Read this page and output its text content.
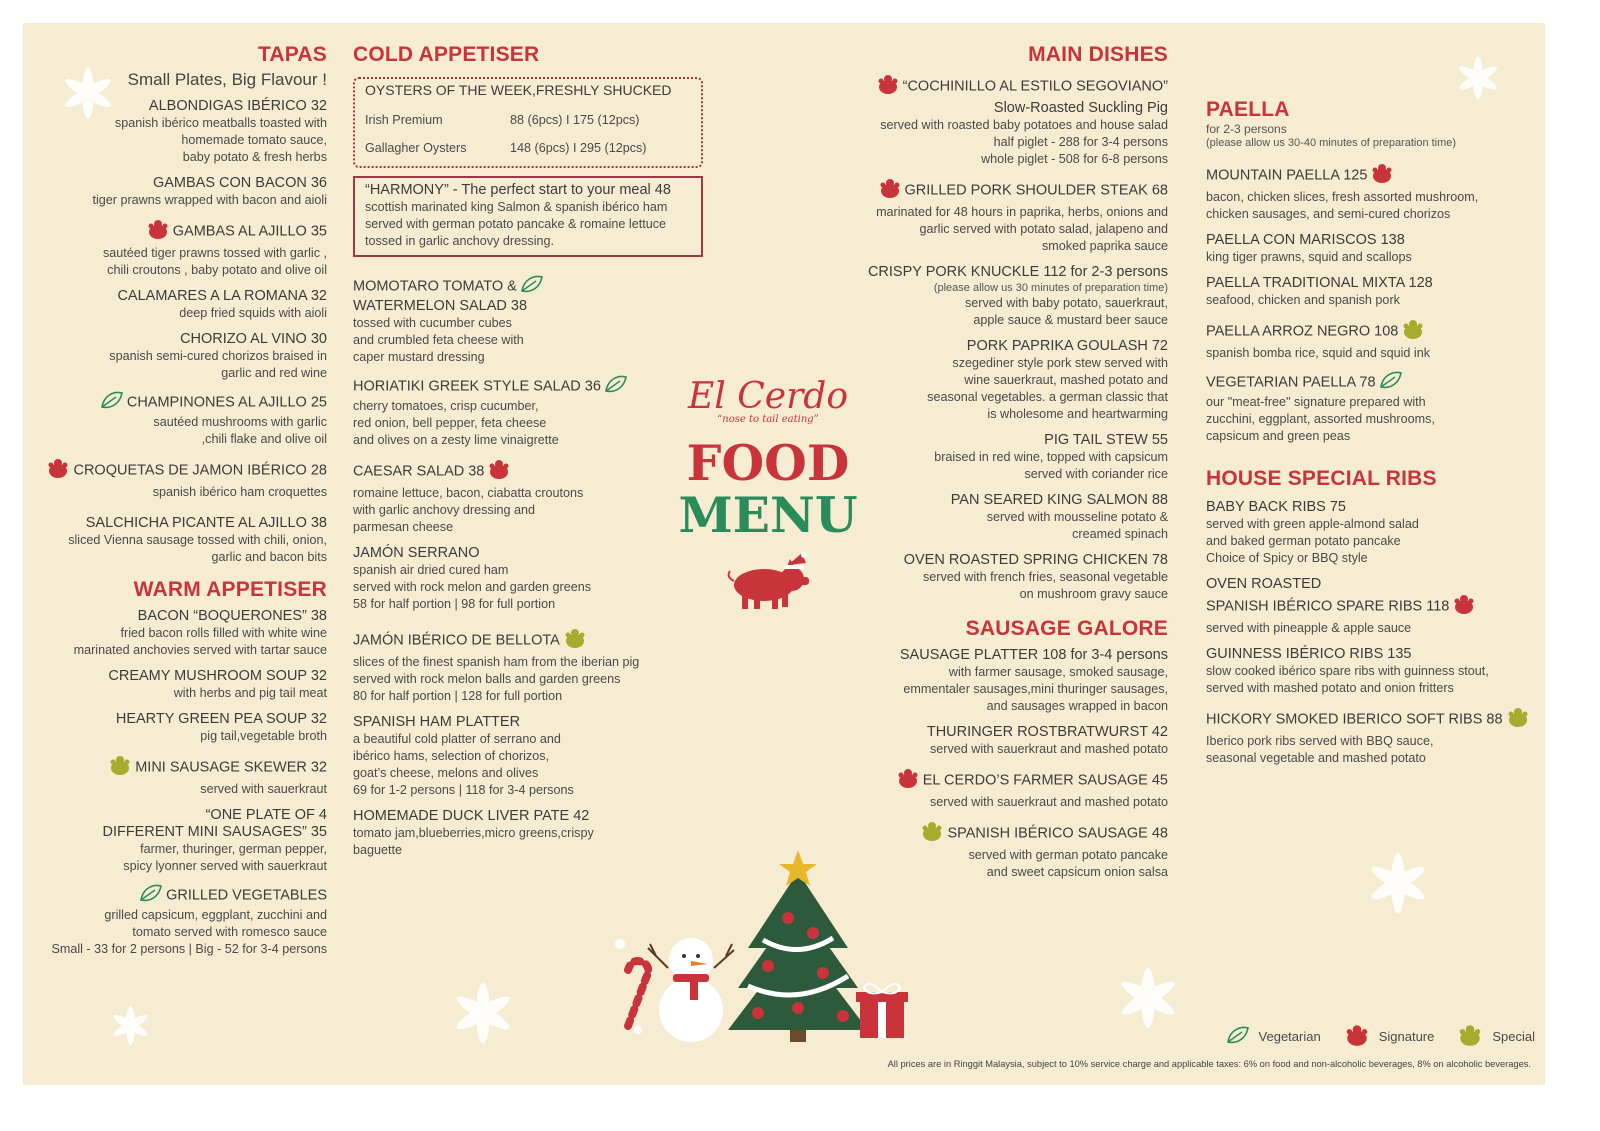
TAPAS
Small Plates, Big Flavour !
ALBONDIGAS IBÉRICO 32
spanish ibérico meatballs toasted with
homemade tomato sauce,
baby potato & fresh herbs
GAMBAS CON BACON 36
tiger prawns wrapped with bacon and aioli
GAMBAS AL AJILLO 35
sautéed tiger prawns tossed with garlic ,
chili croutons , baby potato and olive oil
CALAMARES A LA ROMANA 32
deep fried squids with aioli
CHORIZO AL VINO 30
spanish semi-cured chorizos braised in
garlic and red wine
CHAMPINONES AL AJILLO 25
sautéed mushrooms with garlic
,chili flake and olive oil
CROQUETAS DE JAMON IBÉRICO 28
spanish ibérico ham croquettes
SALCHICHA PICANTE AL AJILLO 38
sliced Vienna sausage tossed with chili, onion,
garlic and bacon bits
WARM APPETISER
BACON “BOQUERONES” 38
fried bacon rolls filled with white wine
marinated anchovies served with tartar sauce
CREAMY MUSHROOM SOUP 32
with herbs and pig tail meat
HEARTY GREEN PEA SOUP 32
pig tail,vegetable broth
MINI SAUSAGE SKEWER 32
served with sauerkraut
“ONE PLATE OF 4
DIFFERENT MINI SAUSAGES” 35
farmer, thuringer, german pepper,
spicy lyonner served with sauerkraut
GRILLED VEGETABLES
grilled capsicum, eggplant, zucchini and
tomato served with romesco sauce
Small - 33 for 2 persons | Big - 52 for 3-4 persons
COLD APPETISER
OYSTERS OF THE WEEK,FRESHLY SHUCKED
Irish Premium	88 (6pcs) I 175 (12pcs)
Gallagher Oysters	148 (6pcs) I 295 (12pcs)
“HARMONY” - The perfect start to your meal 48
scottish marinated king Salmon & spanish ibérico ham
served with german potato pancake & romaine lettuce
tossed in garlic anchovy dressing.
MOMOTARO TOMATO &
WATERMELON SALAD 38
tossed with cucumber cubes
and crumbled feta cheese with
caper mustard dressing
HORIATIKI GREEK STYLE SALAD 36
cherry tomatoes, crisp cucumber,
red onion, bell pepper, feta cheese
and olives on a zesty lime vinaigrette
CAESAR SALAD 38
romaine lettuce, bacon, ciabatta croutons
with garlic anchovy dressing and
parmesan cheese
JAMÓN SERRANO
spanish air dried cured ham
served with rock melon and garden greens
58 for half portion | 98 for full portion
JAMÓN IBÉRICO DE BELLOTA
slices of the finest spanish ham from the iberian pig
served with rock melon balls and garden greens
80 for half portion | 128 for full portion
SPANISH HAM PLATTER
a beautiful cold platter of serrano and
ibérico hams, selection of chorizos,
goat’s cheese, melons and olives
69 for 1-2 persons | 118 for 3-4 persons
HOMEMADE DUCK LIVER PATE 42
tomato jam,blueberries,micro greens,crispy
baguette
El Cerdo
“nose to tail eating”
FOOD
MENU
MAIN DISHES
“COCHINILLO AL ESTILO SEGOVIANO”
Slow-Roasted Suckling Pig
served with roasted baby potatoes and house salad
half piglet - 288 for 3-4 persons
whole piglet - 508 for 6-8 persons
GRILLED PORK SHOULDER STEAK 68
marinated for 48 hours in paprika, herbs, onions and
garlic served with potato salad, jalapeno and
smoked paprika sauce
CRISPY PORK KNUCKLE 112 for 2-3 persons
(please allow us 30 minutes of preparation time)
served with baby potato, sauerkraut,
apple sauce & mustard beer sauce
PORK PAPRIKA GOULASH 72
szegediner style pork stew served with
wine sauerkraut, mashed potato and
seasonal vegetables. a german classic that
is wholesome and heartwarming
PIG TAIL STEW 55
braised in red wine, topped with capsicum
served with coriander rice
PAN SEARED KING SALMON 88
served with mousseline potato &
creamed spinach
OVEN ROASTED SPRING CHICKEN 78
served with french fries, seasonal vegetable
on mushroom gravy sauce
SAUSAGE GALORE
SAUSAGE PLATTER 108 for 3-4 persons
with farmer sausage, smoked sausage,
emmentaler sausages,mini thuringer sausages,
and sausages wrapped in bacon
THURINGER ROSTBRATWURST 42
served with sauerkraut and mashed potato
EL CERDO’S FARMER SAUSAGE 45
served with sauerkraut and mashed potato
SPANISH IBÉRICO SAUSAGE 48
served with german potato pancake
and sweet capsicum onion salsa
PAELLA
for 2-3 persons
(please allow us 30-40 minutes of preparation time)
MOUNTAIN PAELLA 125
bacon, chicken slices, fresh assorted mushroom,
chicken sausages, and semi-cured chorizos
PAELLA CON MARISCOS 138
king tiger prawns, squid and scallops
PAELLA TRADITIONAL MIXTA 128
seafood, chicken and spanish pork
PAELLA ARROZ NEGRO 108
spanish bomba rice, squid and squid ink
VEGETARIAN PAELLA 78
our "meat-free" signature prepared with
zucchini, eggplant, assorted mushrooms,
capsicum and green peas
HOUSE SPECIAL RIBS
BABY BACK RIBS 75
served with green apple-almond salad
and baked german potato pancake
Choice of Spicy or BBQ style
OVEN ROASTED
SPANISH IBÉRICO SPARE RIBS 118
served with pineapple & apple sauce
GUINNESS IBÉRICO RIBS 135
slow cooked ibérico spare ribs with guinness stout,
served with mashed potato and onion fritters
HICKORY SMOKED IBERICO SOFT RIBS 88
Iberico pork ribs served with BBQ sauce,
seasonal vegetable and mashed potato
Vegetarian	Signature	Special
All prices are in Ringgit Malaysia, subject to 10% service charge and applicable taxes: 6% on food and non-alcoholic beverages, 8% on alcoholic beverages.
